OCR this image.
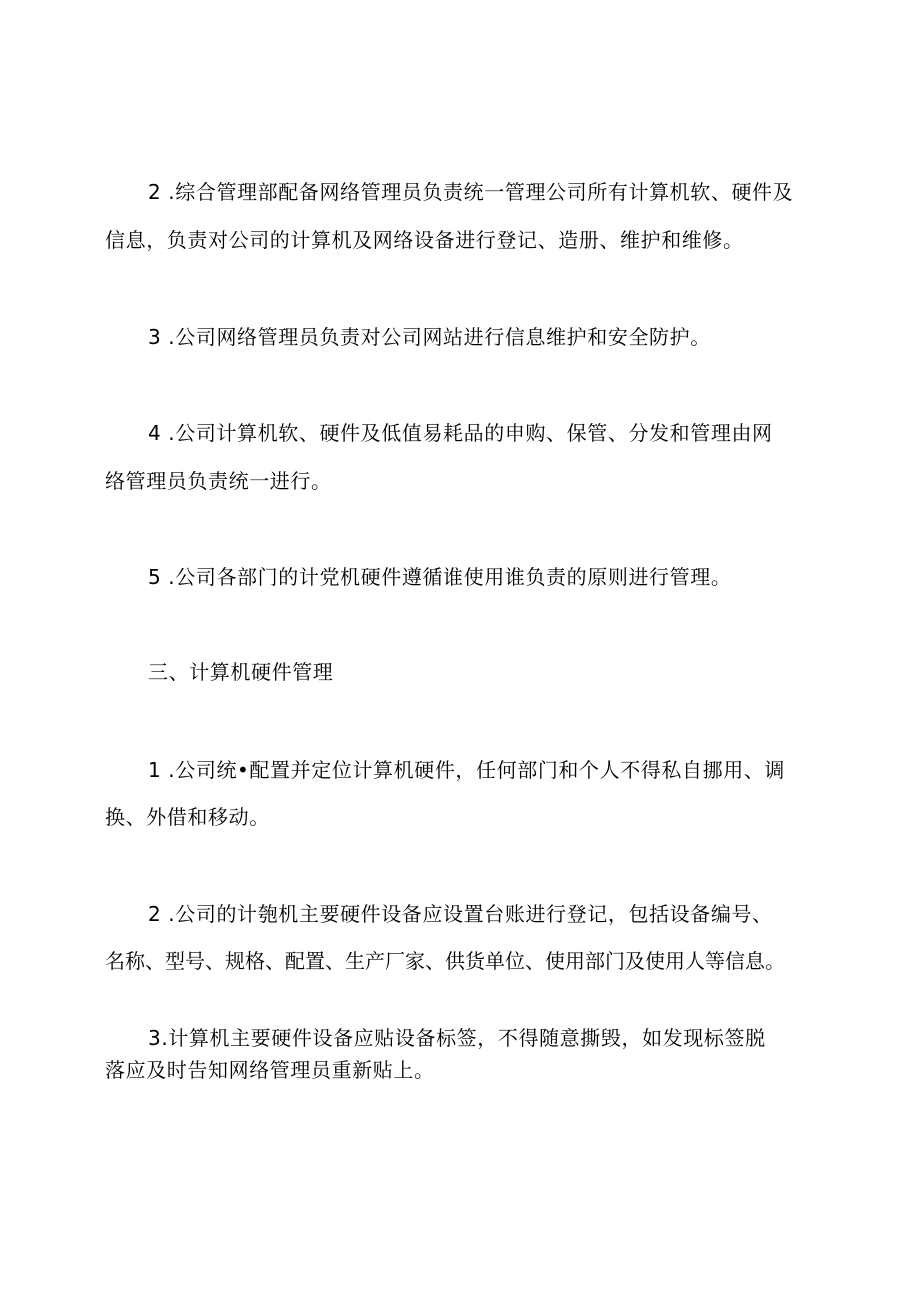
2 .综合管理部配备网络管理员负责统一管理公司所有计算机软、硬件及
信息，负责对公司的计算机及网络设备进行登记、造册、维护和维修。
3 .公司网络管理员负责对公司网站进行信息维护和安全防护。
4 .公司计算机软、硬件及低值易耗品的申购、保管、分发和管理由网
络管理员负责统一进行。
5 .公司各部门的计党机硬件遵循谁使用谁负责的原则进行管理。
三、计算机硬件管理
1 .公司统•配置并定位计算机硬件，任何部门和个人不得私自挪用、调
换、外借和移动。
2 .公司的计匏机主要硬件设备应设置台账进行登记，包括设备编号、
名称、型号、规格、配置、生产厂家、供货单位、使用部门及使用人等信息。
3.计算机主要硬件设备应贴设备标签，不得随意撕毁，如发现标签脱
落应及时告知网络管理员重新贴上。
